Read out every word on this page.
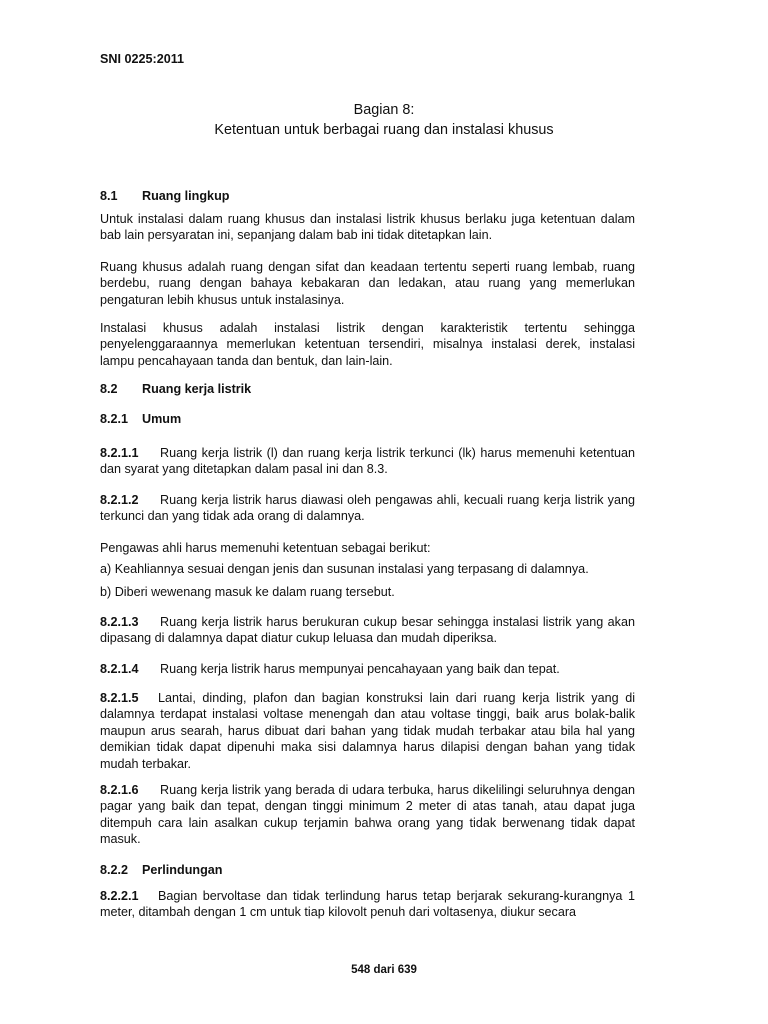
SNI 0225:2011
Bagian 8:
Ketentuan untuk berbagai ruang dan instalasi khusus
8.1 Ruang lingkup
Untuk instalasi dalam ruang khusus dan instalasi listrik khusus berlaku juga ketentuan dalam bab lain persyaratan ini, sepanjang dalam bab ini tidak ditetapkan lain.
Ruang khusus adalah ruang dengan sifat dan keadaan tertentu seperti ruang lembab, ruang berdebu, ruang dengan bahaya kebakaran dan ledakan, atau ruang yang memerlukan pengaturan lebih khusus untuk instalasinya.
Instalasi khusus adalah instalasi listrik dengan karakteristik tertentu sehingga penyelenggaraannya memerlukan ketentuan tersendiri, misalnya instalasi derek, instalasi lampu pencahayaan tanda dan bentuk, dan lain-lain.
8.2 Ruang kerja listrik
8.2.1 Umum
8.2.1.1 Ruang kerja listrik (l) dan ruang kerja listrik terkunci (lk) harus memenuhi ketentuan dan syarat yang ditetapkan dalam pasal ini dan 8.3.
8.2.1.2 Ruang kerja listrik harus diawasi oleh pengawas ahli, kecuali ruang kerja listrik yang terkunci dan yang tidak ada orang di dalamnya.
Pengawas ahli harus memenuhi ketentuan sebagai berikut:
a) Keahliannya sesuai dengan jenis dan susunan instalasi yang terpasang di dalamnya.
b) Diberi wewenang masuk ke dalam ruang tersebut.
8.2.1.3 Ruang kerja listrik harus berukuran cukup besar sehingga instalasi listrik yang akan dipasang di dalamnya dapat diatur cukup leluasa dan mudah diperiksa.
8.2.1.4 Ruang kerja listrik harus mempunyai pencahayaan yang baik dan tepat.
8.2.1.5 Lantai, dinding, plafon dan bagian konstruksi lain dari ruang kerja listrik yang di dalamnya terdapat instalasi voltase menengah dan atau voltase tinggi, baik arus bolak-balik maupun arus searah, harus dibuat dari bahan yang tidak mudah terbakar atau bila hal yang demikian tidak dapat dipenuhi maka sisi dalamnya harus dilapisi dengan bahan yang tidak mudah terbakar.
8.2.1.6 Ruang kerja listrik yang berada di udara terbuka, harus dikelilingi seluruhnya dengan pagar yang baik dan tepat, dengan tinggi minimum 2 meter di atas tanah, atau dapat juga ditempuh cara lain asalkan cukup terjamin bahwa orang yang tidak berwenang tidak dapat masuk.
8.2.2 Perlindungan
8.2.2.1 Bagian bervoltase dan tidak terlindung harus tetap berjarak sekurang-kurangnya 1 meter, ditambah dengan 1 cm untuk tiap kilovolt penuh dari voltasenya, diukur secara
548 dari 639
